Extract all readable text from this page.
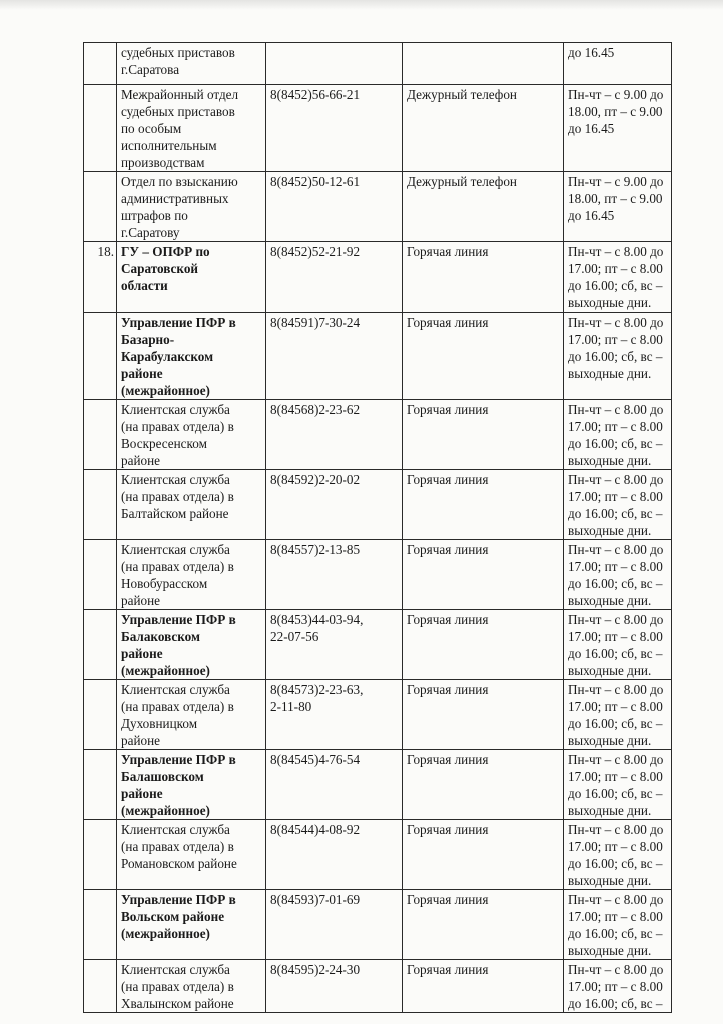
	судебных приставов
г.Саратова			до 16.45

	Межрайонный отдел
судебных приставов
по особым
исполнительным
производствам	8(8452)56-66-21	Дежурный телефон	Пн-чт – с 9.00 до
18.00, пт – с 9.00
до 16.45

	Отдел по взысканию
административных
штрафов по
г.Саратову	8(8452)50-12-61	Дежурный телефон	Пн-чт – с 9.00 до
18.00, пт – с 9.00
до 16.45

18.	ГУ – ОПФР по
Саратовской
области	8(8452)52-21-92	Горячая линия	Пн-чт – с 8.00 до
17.00; пт – с 8.00
до 16.00; сб, вс –
выходные дни.

	Управление ПФР в
Базарно-
Карабулакском
районе
(межрайонное)	8(84591)7-30-24	Горячая линия	Пн-чт – с 8.00 до
17.00; пт – с 8.00
до 16.00; сб, вс –
выходные дни.

	Клиентская служба
(на правах отдела) в
Воскресенском
районе	8(84568)2-23-62	Горячая линия	Пн-чт – с 8.00 до
17.00; пт – с 8.00
до 16.00; сб, вс –
выходные дни.

	Клиентская служба
(на правах отдела) в
Балтайском районе	8(84592)2-20-02	Горячая линия	Пн-чт – с 8.00 до
17.00; пт – с 8.00
до 16.00; сб, вс –
выходные дни.

	Клиентская служба
(на правах отдела) в
Новобурасском
районе	8(84557)2-13-85	Горячая линия	Пн-чт – с 8.00 до
17.00; пт – с 8.00
до 16.00; сб, вс –
выходные дни.

	Управление ПФР в
Балаковском
районе
(межрайонное)	8(8453)44-03-94,
22-07-56	Горячая линия	Пн-чт – с 8.00 до
17.00; пт – с 8.00
до 16.00; сб, вс –
выходные дни.

	Клиентская служба
(на правах отдела) в
Духовницком
районе	8(84573)2-23-63,
2-11-80	Горячая линия	Пн-чт – с 8.00 до
17.00; пт – с 8.00
до 16.00; сб, вс –
выходные дни.

	Управление ПФР в
Балашовском
районе
(межрайонное)	8(84545)4-76-54	Горячая линия	Пн-чт – с 8.00 до
17.00; пт – с 8.00
до 16.00; сб, вс –
выходные дни.

	Клиентская служба
(на правах отдела) в
Романовском районе	8(84544)4-08-92	Горячая линия	Пн-чт – с 8.00 до
17.00; пт – с 8.00
до 16.00; сб, вс –
выходные дни.

	Управление ПФР в
Вольском районе
(межрайонное)	8(84593)7-01-69	Горячая линия	Пн-чт – с 8.00 до
17.00; пт – с 8.00
до 16.00; сб, вс –
выходные дни.

	Клиентская служба
(на правах отдела) в
Хвалынском районе	8(84595)2-24-30	Горячая линия	Пн-чт – с 8.00 до
17.00; пт – с 8.00
до 16.00; сб, вс –
